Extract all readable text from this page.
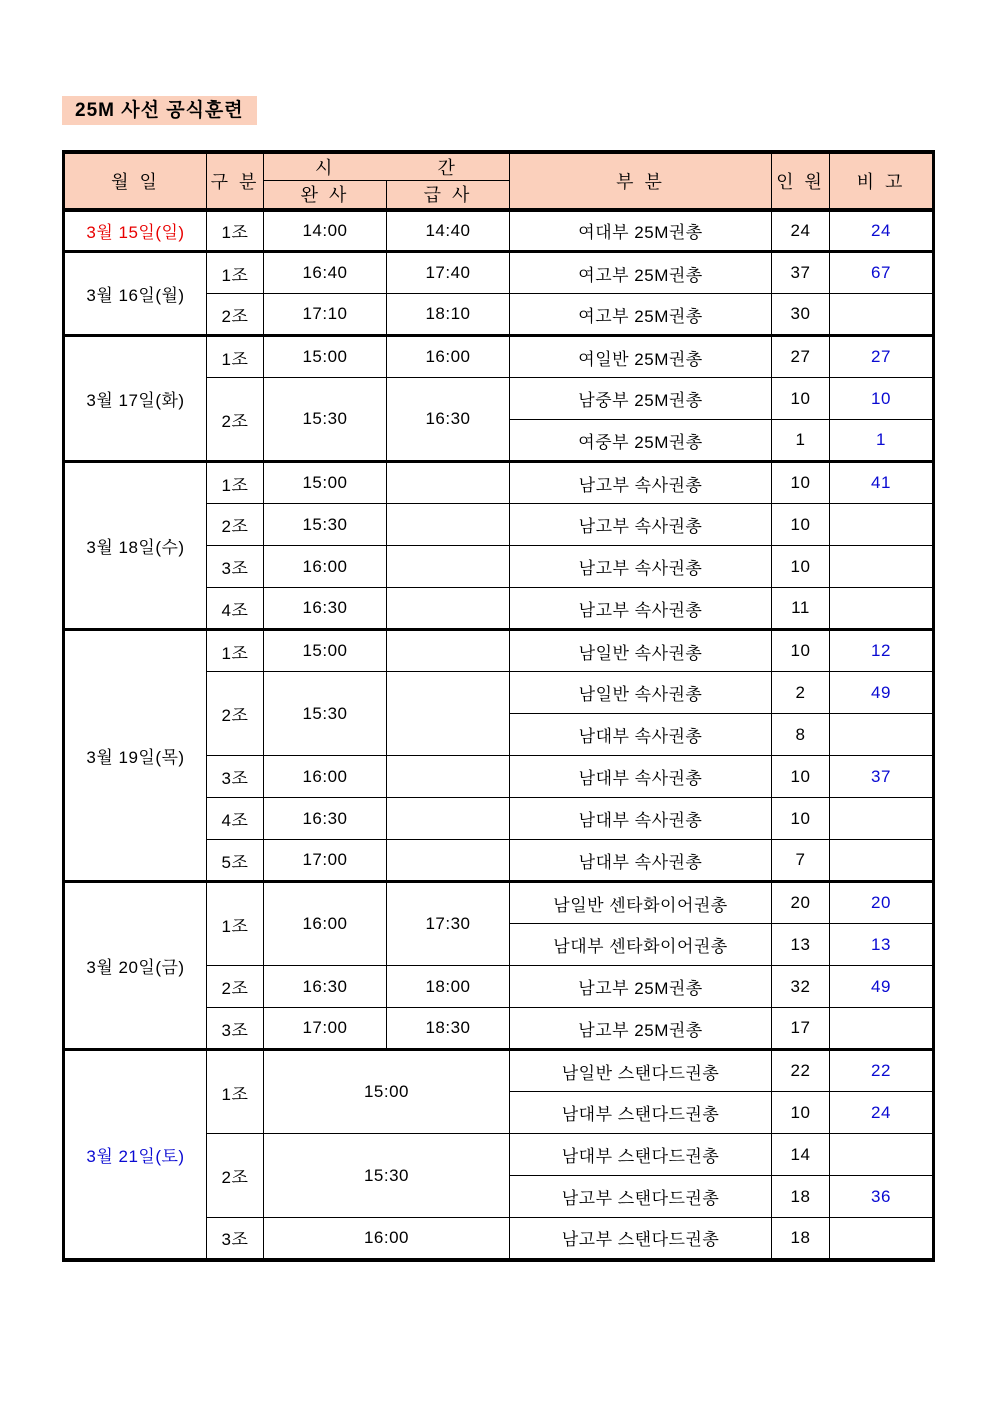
25M 사선 공식훈련
월 일	구 분	시 간		부 분	인 원	비 고
		완 사	급 사			
3월 15일(일)	1조	14:00	14:40	여대부 25M권총	24	24
3월 16일(월)	1조	16:40	17:40	여고부 25M권총	37	67
	2조	17:10	18:10	여고부 25M권총	30	
3월 17일(화)	1조	15:00	16:00	여일반 25M권총	27	27
	2조	15:30	16:30	남중부 25M권총	10	10
				여중부 25M권총	1	1
3월 18일(수)	1조	15:00		남고부 속사권총	10	41
	2조	15:30		남고부 속사권총	10	
	3조	16:00		남고부 속사권총	10	
	4조	16:30		남고부 속사권총	11	
3월 19일(목)	1조	15:00		남일반 속사권총	10	12
	2조	15:30		남일반 속사권총	2	49
				남대부 속사권총	8	
	3조	16:00		남대부 속사권총	10	37
	4조	16:30		남대부 속사권총	10	
	5조	17:00		남대부 속사권총	7	
3월 20일(금)	1조	16:00	17:30	남일반 센타화이어권총	20	20
				남대부 센타화이어권총	13	13
	2조	16:30	18:00	남고부 25M권총	32	49
	3조	17:00	18:30	남고부 25M권총	17	
3월 21일(토)	1조	15:00		남일반 스탠다드권총	22	22
				남대부 스탠다드권총	10	24
	2조	15:30		남대부 스탠다드권총	14	
				남고부 스탠다드권총	18	36
	3조	16:00		남고부 스탠다드권총	18	
